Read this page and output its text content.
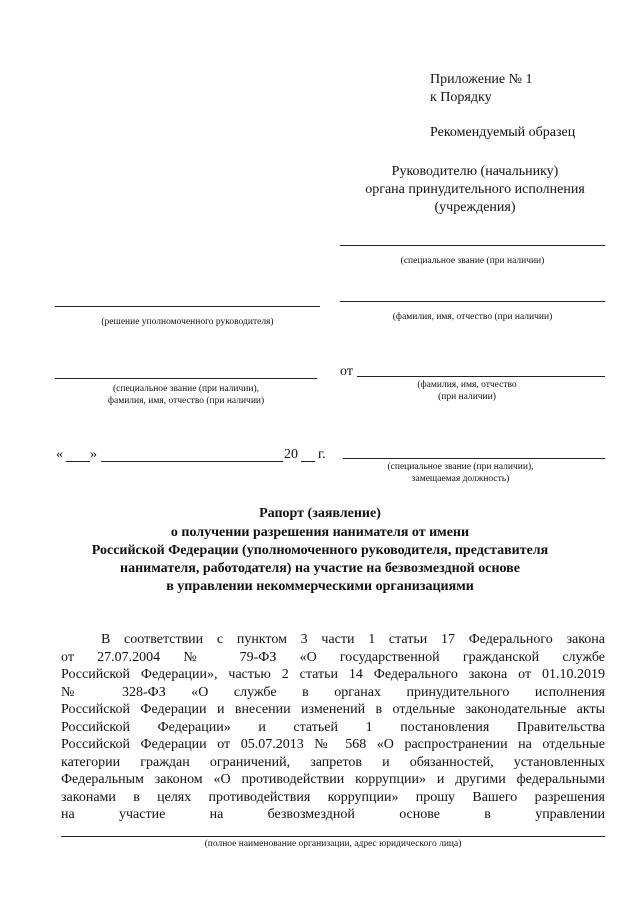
Приложение № 1
к Порядку
Рекомендуемый образец
Руководителю (начальнику)
органа принудительного исполнения
(учреждения)
(специальное звание (при наличии)
(решение уполномоченного руководителя)	(фамилия, имя, отчество (при наличии)
(специальное звание (при наличии),
фамилия, имя, отчество (при наличии)
от
(фамилия, имя, отчество
(при наличии)
« »	20 г.
(специальное звание (при наличии),
замещаемая должность)
Рапорт (заявление)
о получении разрешения нанимателя от имени
Российской Федерации (уполномоченного руководителя, представителя
нанимателя, работодателя) на участие на безвозмездной основе
в управлении некоммерческими организациями
В соответствии с пунктом 3 части 1 статьи 17 Федерального закона
от 27.07.2004 № 79-ФЗ «О государственной гражданской службе
Российской Федерации», частью 2 статьи 14 Федерального закона от 01.10.2019
№ 328-ФЗ «О службе в органах принудительного исполнения
Российской Федерации и внесении изменений в отдельные законодательные акты
Российской Федерации» и статьей 1 постановления Правительства
Российской Федерации от 05.07.2013 № 568 «О распространении на отдельные
категории граждан ограничений, запретов и обязанностей, установленных
Федеральным законом «О противодействии коррупции» и другими федеральными
законами в целях противодействия коррупции» прошу Вашего разрешения
на участие на безвозмездной основе в управлении
(полное наименование организации, адрес юридического лица)
